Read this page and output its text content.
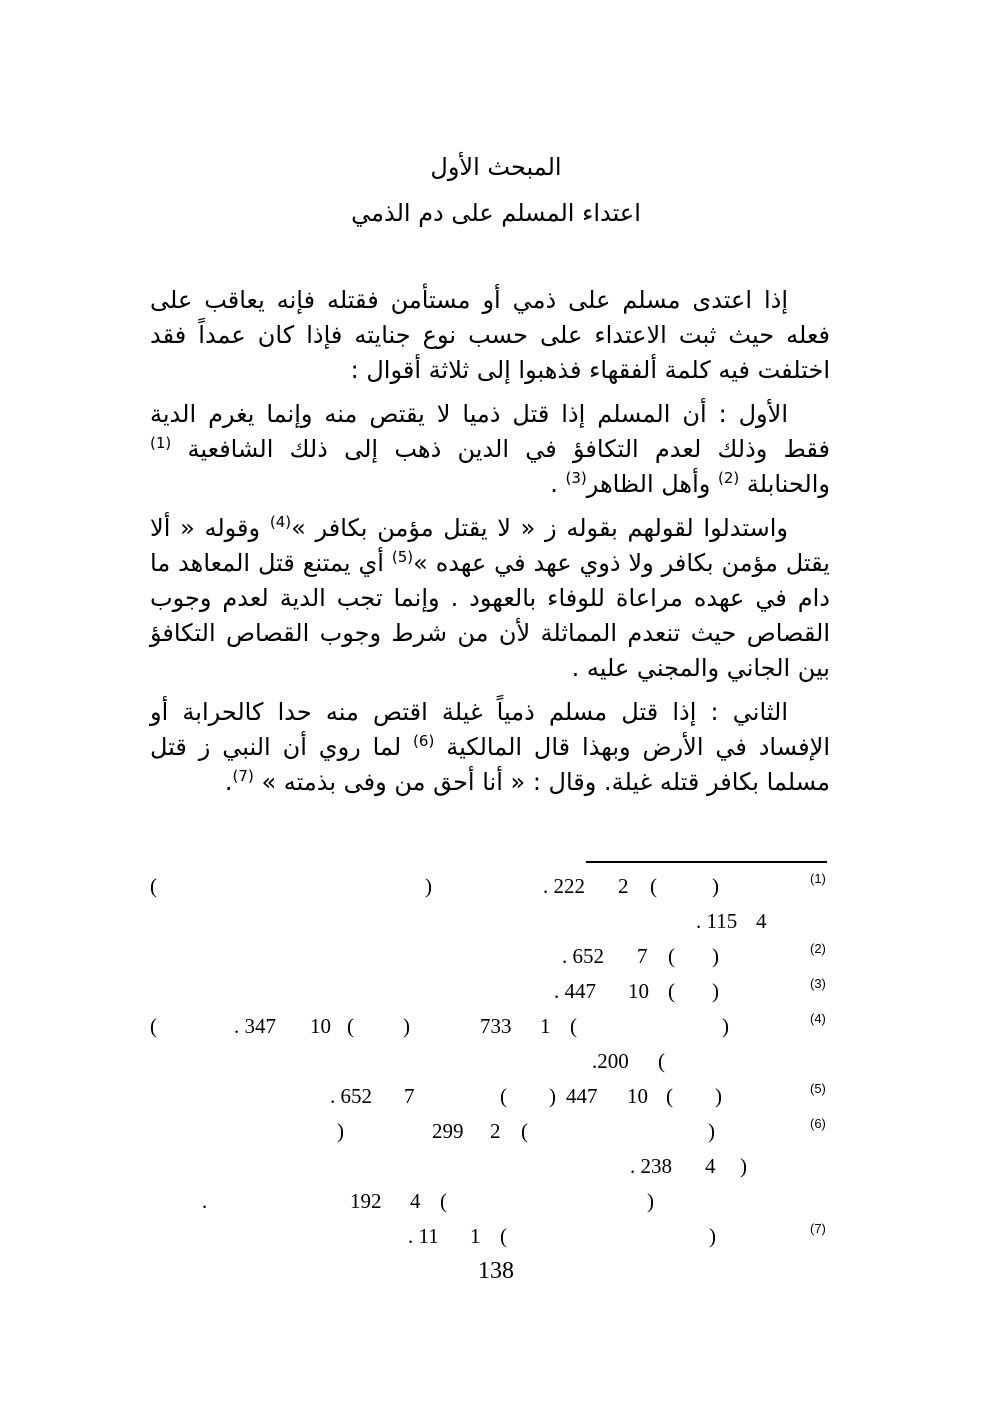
المبحث الأول
اعتداء المسلم على دم الذمي

إذا اعتدى مسلم على ذمي أو مستأمن فقتله فإنه يعاقب على فعله حيث ثبت الاعتداء على حسب نوع جنايته فإذا كان عمداً فقد اختلفت فيه كلمة ألفقهاء فذهبوا إلى ثلاثة أقوال :

الأول : أن المسلم إذا قتل ذميا لا يقتص منه وإنما يغرم الدية فقط وذلك لعدم التكافؤ في الدين ذهب إلى ذلك الشافعية $^{(1)}$ والحنابلة $^{(2)}$ وأهل الظاهر$^{(3)}$ .

واستدلوا لقولهم بقوله ز « لا يقتل مؤمن بكافر »$^{(4)}$ وقوله « ألا يقتل مؤمن بكافر ولا ذوي عهد في عهده »$^{(5)}$ أي يمتنع قتل المعاهد ما دام في عهده مراعاة للوفاء بالعهود . وإنما تجب الدية لعدم وجوب القصاص حيث تنعدم المماثلة لأن من شرط وجوب القصاص التكافؤ بين الجاني والمجني عليه .

الثاني : إذا قتل مسلم ذمياً غيلة اقتص منه حدا كالحرابة أو الإفساد في الأرض وبهذا قال المالكية $^{(6)}$ لما روي أن النبي ز قتل مسلما بكافر قتله غيلة. وقال : « أنا أحق من وفى بذمته » $^{(7)}$.

(1)
(2)
(3)
(4)
(5)
(6)
(7)
(	)	. 222 2 (	)
. 115 4
. 652 7 ( )
. 447 10 ( )
(	. 347 10 ( )	733 1 (	)
.200 (
. 652 7	( ) 447 10 ( )
)	299 2 (	)
. 238 4 )
.	192 4 (	)
. 11 1 (	)
138
